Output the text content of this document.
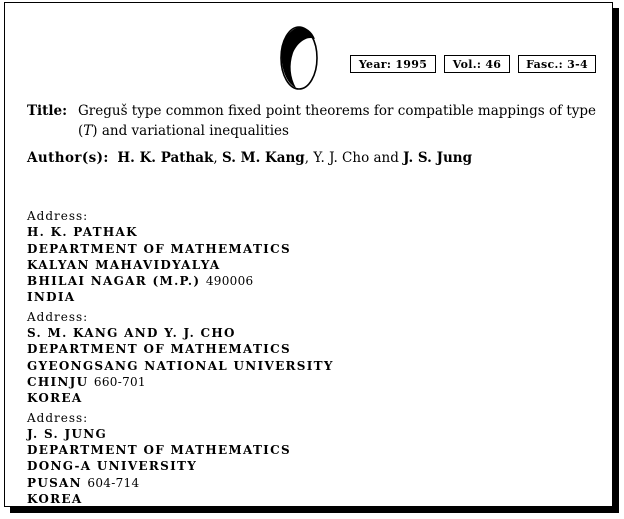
Year: 1995	Vol.: 46	Fasc.: 3-4
Title: Greguš type common fixed point theorems for compatible mappings of type (T) and variational inequalities
Author(s): H. K. Pathak, S. M. Kang, Y. J. Cho and J. S. Jung
Address:
H. K. PATHAK
DEPARTMENT OF MATHEMATICS
KALYAN MAHAVIDYALYA
BHILAI NAGAR (M.P.) 490006
INDIA
Address:
S. M. KANG AND Y. J. CHO
DEPARTMENT OF MATHEMATICS
GYEONGSANG NATIONAL UNIVERSITY
CHINJU 660-701
KOREA
Address:
J. S. JUNG
DEPARTMENT OF MATHEMATICS
DONG-A UNIVERSITY
PUSAN 604-714
KOREA
